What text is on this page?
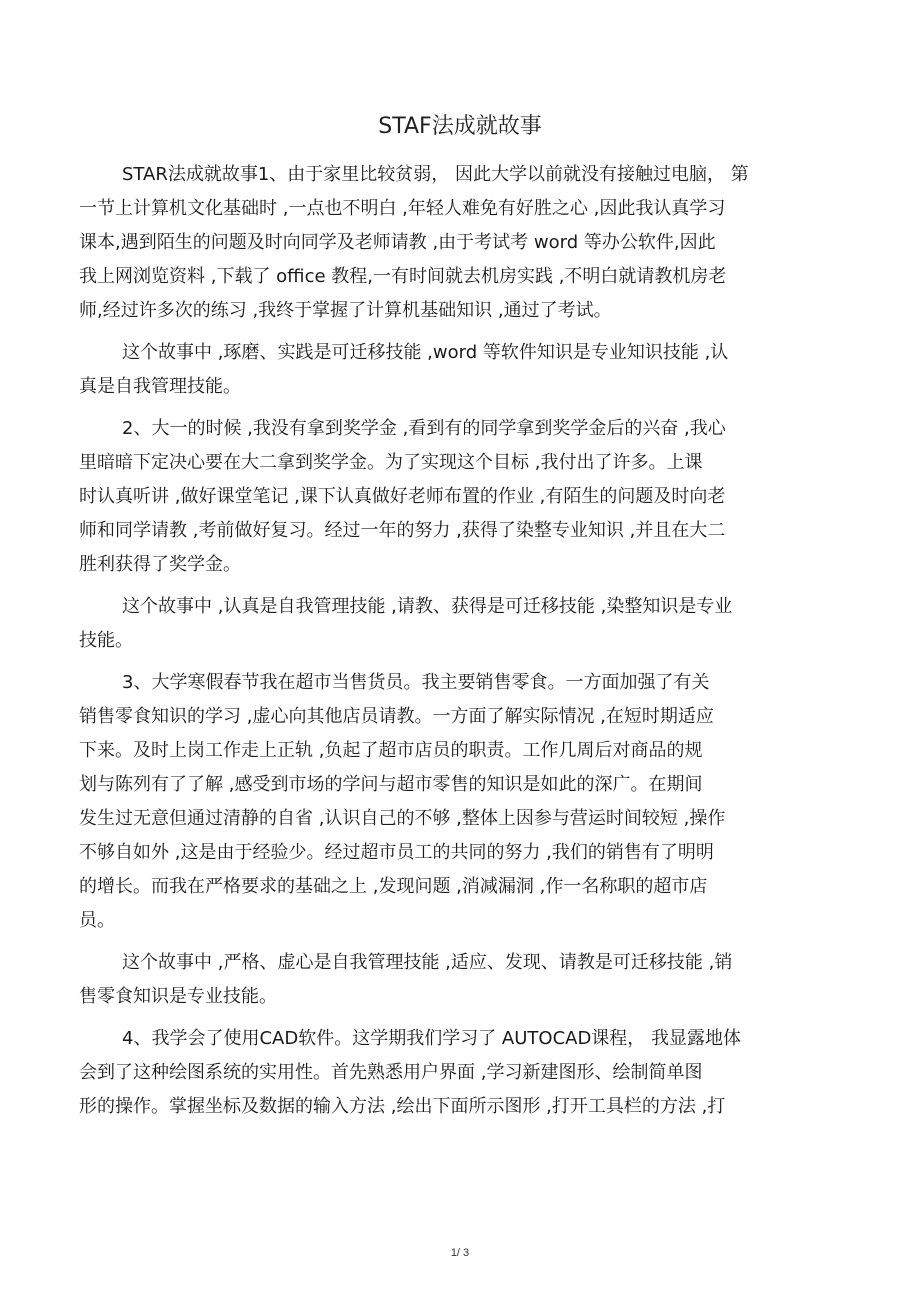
STAF法成就故事
STAR法成就故事1、由于家里比较贫弱， 因此大学以前就没有接触过电脑， 第
一节上计算机文化基础时 ,一点也不明白 ,年轻人难免有好胜之心 ,因此我认真学习
课本,遇到陌生的问题及时向同学及老师请教 ,由于考试考 word 等办公软件,因此
我上网浏览资料 ,下载了 office 教程,一有时间就去机房实践 ,不明白就请教机房老
师,经过许多次的练习 ,我终于掌握了计算机基础知识 ,通过了考试。
这个故事中 ,琢磨、实践是可迁移技能 ,word 等软件知识是专业知识技能 ,认
真是自我管理技能。
2、大一的时候 ,我没有拿到奖学金 ,看到有的同学拿到奖学金后的兴奋 ,我心
里暗暗下定决心要在大二拿到奖学金。为了实现这个目标 ,我付出了许多。上课
时认真听讲 ,做好课堂笔记 ,课下认真做好老师布置的作业 ,有陌生的问题及时向老
师和同学请教 ,考前做好复习。经过一年的努力 ,获得了染整专业知识 ,并且在大二
胜利获得了奖学金。
这个故事中 ,认真是自我管理技能 ,请教、获得是可迁移技能 ,染整知识是专业
技能。
3、大学寒假春节我在超市当售货员。我主要销售零食。一方面加强了有关
销售零食知识的学习 ,虚心向其他店员请教。一方面了解实际情况 ,在短时期适应
下来。及时上岗工作走上正轨 ,负起了超市店员的职责。工作几周后对商品的规
划与陈列有了了解 ,感受到市场的学问与超市零售的知识是如此的深广。在期间
发生过无意但通过清静的自省 ,认识自己的不够 ,整体上因参与营运时间较短 ,操作
不够自如外 ,这是由于经验少。经过超市员工的共同的努力 ,我们的销售有了明明
的增长。而我在严格要求的基础之上 ,发现问题 ,消减漏洞 ,作一名称职的超市店
员。
这个故事中 ,严格、虚心是自我管理技能 ,适应、发现、请教是可迁移技能 ,销
售零食知识是专业技能。
4、我学会了使用CAD软件。这学期我们学习了 AUTOCAD课程， 我显露地体
会到了这种绘图系统的实用性。首先熟悉用户界面 ,学习新建图形、绘制简单图
形的操作。掌握坐标及数据的输入方法 ,绘出下面所示图形 ,打开工具栏的方法 ,打
1/ 3
